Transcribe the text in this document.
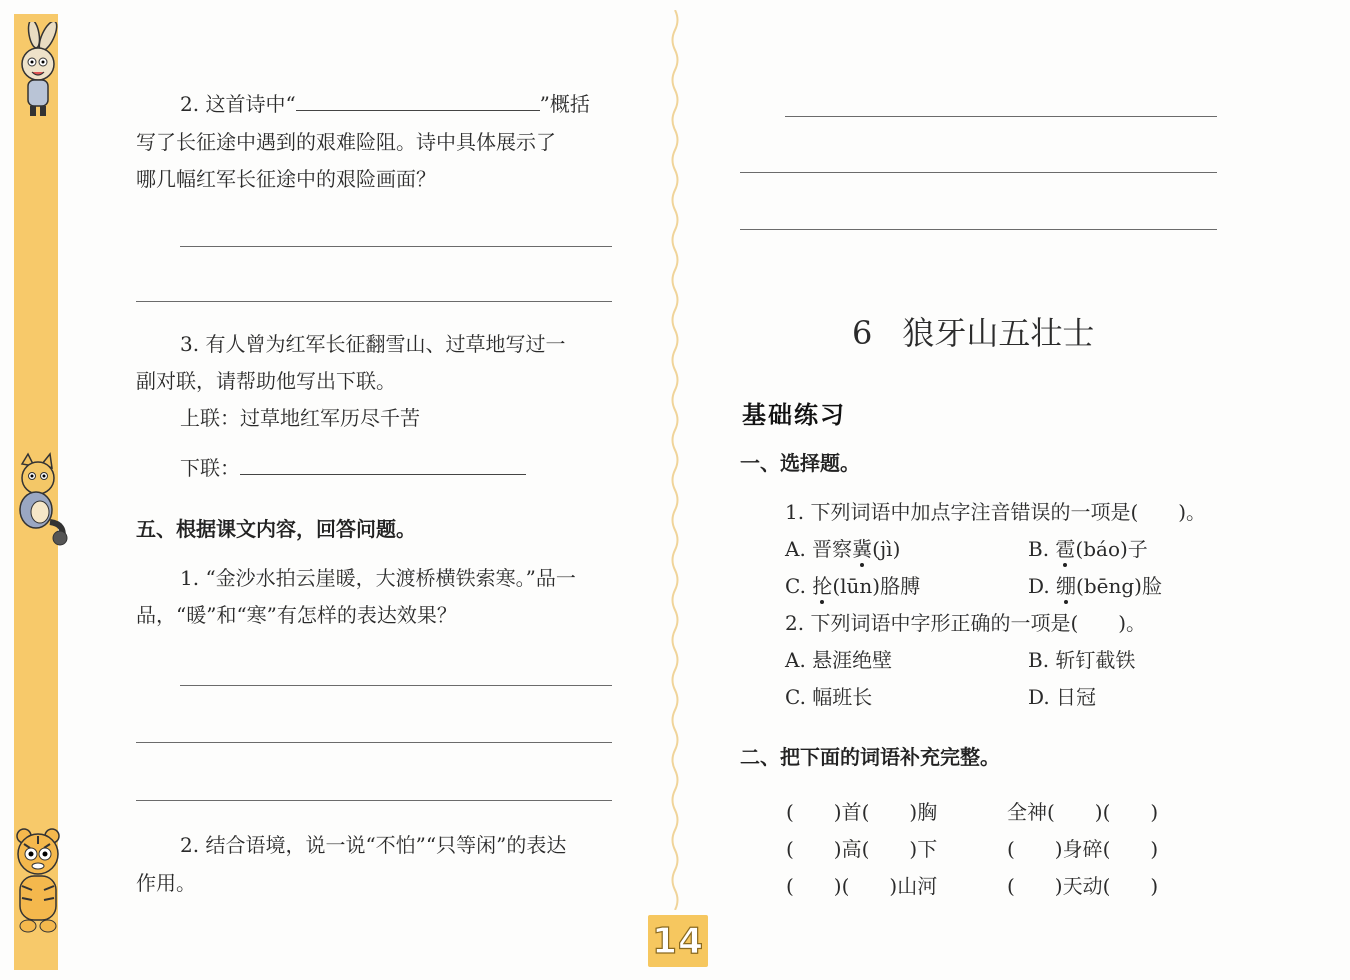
2. 这首诗中“	”概括
写了长征途中遇到的艰难险阻。诗中具体展示了
哪几幅红军长征途中的艰险画面？
3. 有人曾为红军长征翻雪山、过草地写过一
副对联，请帮助他写出下联。
上联：过草地红军历尽千苦
下联：
五、根据课文内容，回答问题。
1. “金沙水拍云崖暖，大渡桥横铁索寒。”品一
品，“暖”和“寒”有怎样的表达效果？
2. 结合语境，说一说“不怕”“只等闲”的表达
作用。
6 狼牙山五壮士
基础练习
一、选择题。
1. 下列词语中加点字注音错误的一项是(　　)。
A. 晋察冀(jì)	B. 雹(báo)子
C. 抡(lūn)胳膊	D. 绷(bēng)脸
2. 下列词语中字形正确的一项是(　　)。
A. 悬涯绝壁	B. 斩钉截铁
C. 幅班长	D. 日冠
二、把下面的词语补充完整。
(　　)首(　　)胸	全神(　　)(　　)
(　　)高(　　)下	(　　)身碎(　　)
(　　)(　　)山河	(　　)天动(　　)
14
